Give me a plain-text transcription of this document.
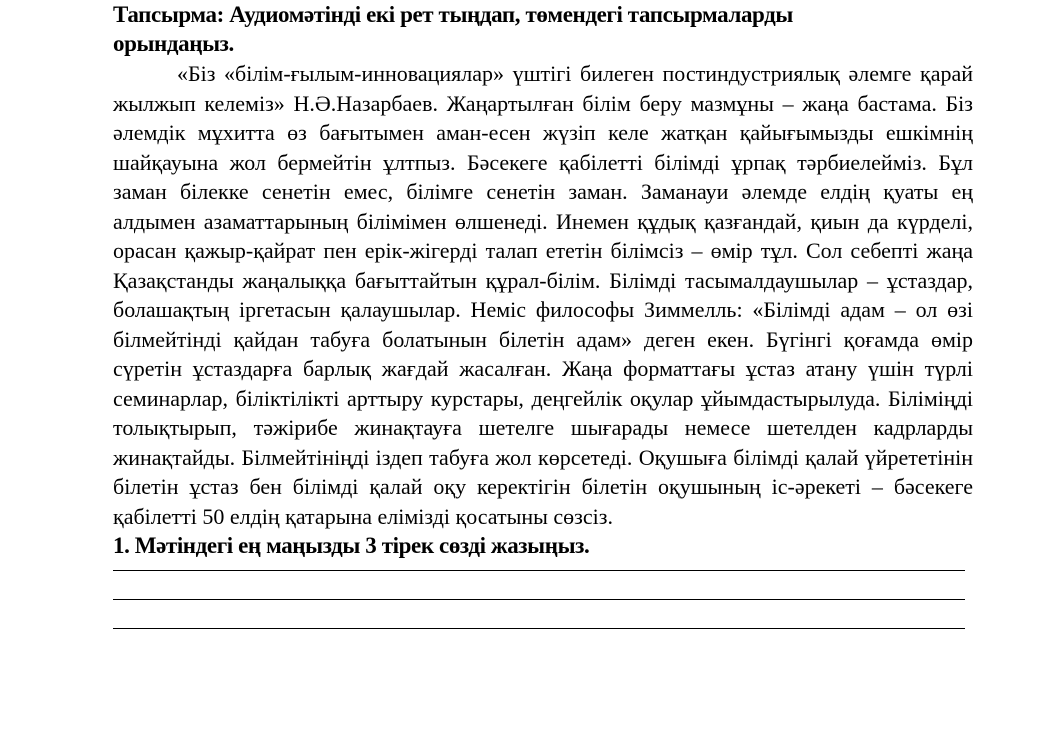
Тапсырма: Аудиомәтінді екі рет тыңдап, төмендегі тапсырмаларды орындаңыз.

«Біз «білім-ғылым-инновациялар» үштігі билеген постиндустриялық әлемге қарай жылжып келеміз» Н.Ә.Назарбаев. Жаңартылған білім беру мазмұны – жаңа бастама. Біз әлемдік мұхитта өз бағытымен аман-есен жүзіп келе жатқан қайығымызды ешкімнің шайқауына жол бермейтін ұлтпыз. Бәсекеге қабілетті білімді ұрпақ тәрбиелейміз. Бұл заман білекке сенетін емес, білімге сенетін заман. Заманауи әлемде елдің қуаты ең алдымен азаматтарының білімімен өлшенеді. Инемен құдық қазғандай, қиын да күрделі, орасан қажыр-қайрат пен ерік-жігерді талап ететін білімсіз – өмір тұл. Сол себепті жаңа Қазақстанды жаңалыққа бағыттайтын құрал-білім. Білімді тасымалдаушылар – ұстаздар, болашақтың іргетасын қалаушылар. Неміс философы Зиммелль: «Білімді адам – ол өзі білмейтінді қайдан табуға болатынын білетін адам» деген екен. Бүгінгі қоғамда өмір сүретін ұстаздарға барлық жағдай жасалған. Жаңа форматтағы ұстаз атану үшін түрлі семинарлар, біліктілікті арттыру курстары, деңгейлік оқулар ұйымдастырылуда. Біліміңді толықтырып, тәжірибе жинақтауға шетелге шығарады немесе шетелден кадрларды жинақтайды. Білмейтініңді іздеп табуға жол көрсетеді. Оқушыға білімді қалай үйрететінін білетін ұстаз бен білімді қалай оқу керектігін білетін оқушының іс-әрекеті – бәсекеге қабілетті 50 елдің қатарына елімізді қосатыны сөзсіз.

1. Мәтіндегі ең маңызды 3 тірек сөзді жазыңыз.
